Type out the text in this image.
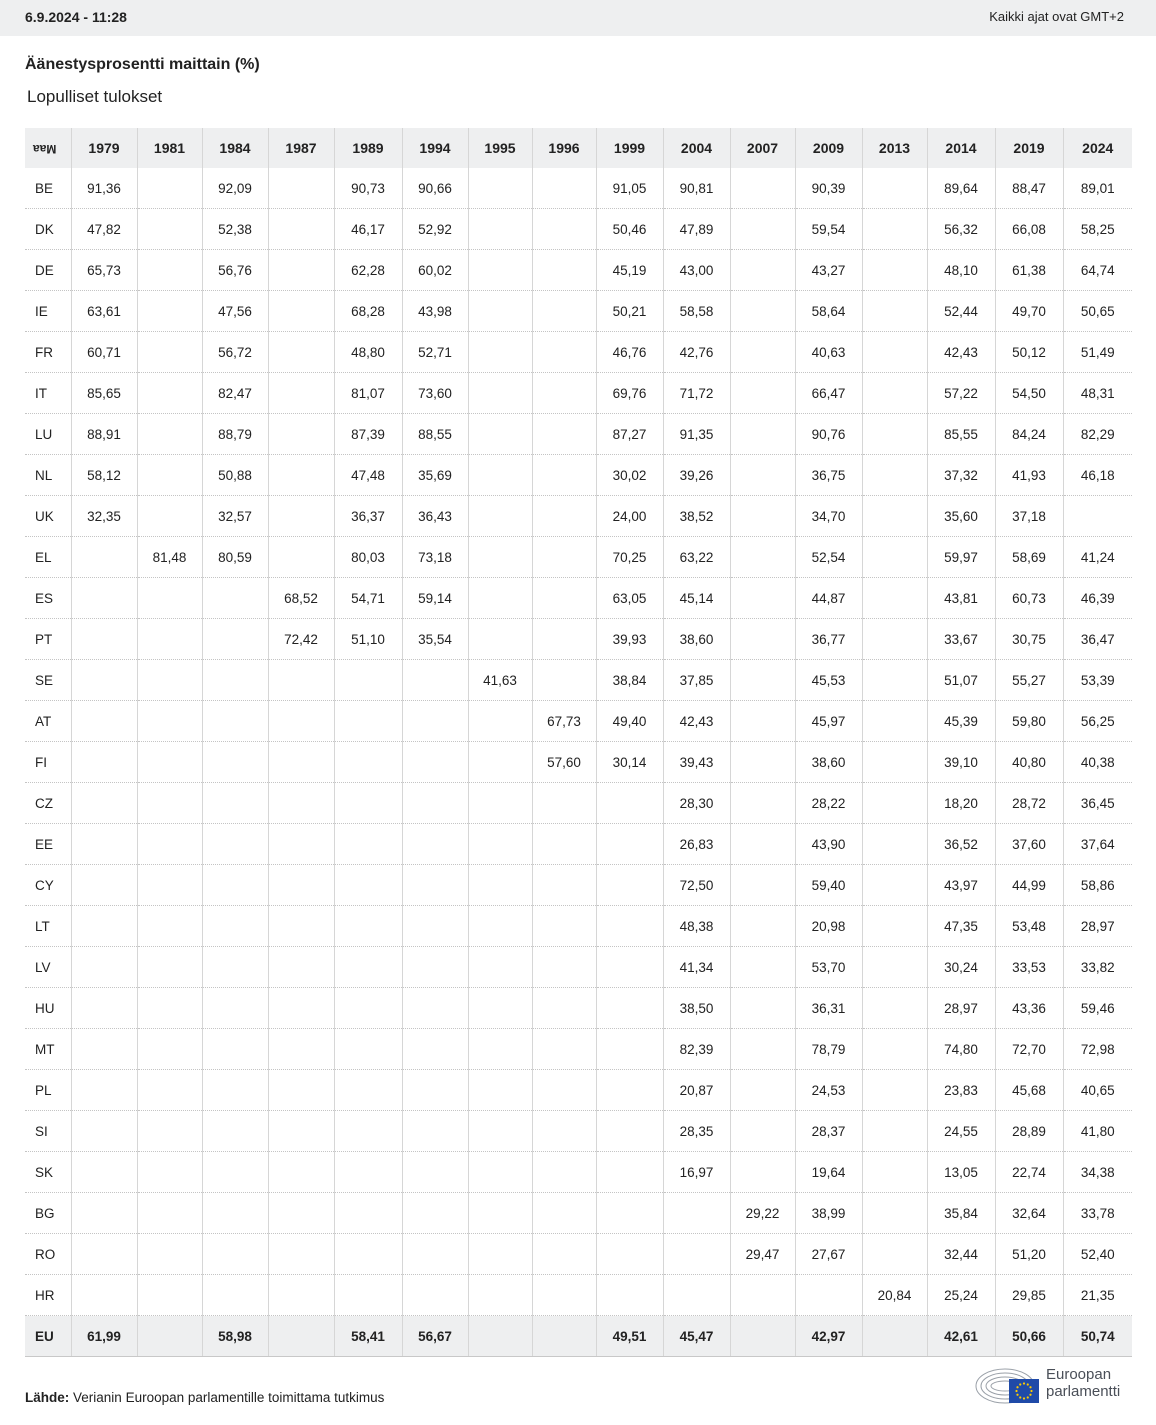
6.9.2024 - 11:28	Kaikki ajat ovat GMT+2
Äänestysprosentti maittain (%)
Lopulliset tulokset
Maa	1979	1981	1984	1987	1989	1994	1995	1996	1999	2004	2007	2009	2013	2014	2019	2024
BE	91,36		92,09		90,73	90,66			91,05	90,81		90,39		89,64	88,47	89,01
DK	47,82		52,38		46,17	52,92			50,46	47,89		59,54		56,32	66,08	58,25
DE	65,73		56,76		62,28	60,02			45,19	43,00		43,27		48,10	61,38	64,74
IE	63,61		47,56		68,28	43,98			50,21	58,58		58,64		52,44	49,70	50,65
FR	60,71		56,72		48,80	52,71			46,76	42,76		40,63		42,43	50,12	51,49
IT	85,65		82,47		81,07	73,60			69,76	71,72		66,47		57,22	54,50	48,31
LU	88,91		88,79		87,39	88,55			87,27	91,35		90,76		85,55	84,24	82,29
NL	58,12		50,88		47,48	35,69			30,02	39,26		36,75		37,32	41,93	46,18
UK	32,35		32,57		36,37	36,43			24,00	38,52		34,70		35,60	37,18	
EL		81,48	80,59		80,03	73,18			70,25	63,22		52,54		59,97	58,69	41,24
ES				68,52	54,71	59,14			63,05	45,14		44,87		43,81	60,73	46,39
PT				72,42	51,10	35,54			39,93	38,60		36,77		33,67	30,75	36,47
SE							41,63		38,84	37,85		45,53		51,07	55,27	53,39
AT								67,73	49,40	42,43		45,97		45,39	59,80	56,25
FI								57,60	30,14	39,43		38,60		39,10	40,80	40,38
CZ										28,30		28,22		18,20	28,72	36,45
EE										26,83		43,90		36,52	37,60	37,64
CY										72,50		59,40		43,97	44,99	58,86
LT										48,38		20,98		47,35	53,48	28,97
LV										41,34		53,70		30,24	33,53	33,82
HU										38,50		36,31		28,97	43,36	59,46
MT										82,39		78,79		74,80	72,70	72,98
PL										20,87		24,53		23,83	45,68	40,65
SI										28,35		28,37		24,55	28,89	41,80
SK										16,97		19,64		13,05	22,74	34,38
BG											29,22	38,99		35,84	32,64	33,78
RO											29,47	27,67		32,44	51,20	52,40
HR													20,84	25,24	29,85	21,35
EU	61,99		58,98		58,41	56,67			49,51	45,47		42,97		42,61	50,66	50,74
Lähde: Verianin Euroopan parlamentille toimittama tutkimus
Euroopan
parlamentti
